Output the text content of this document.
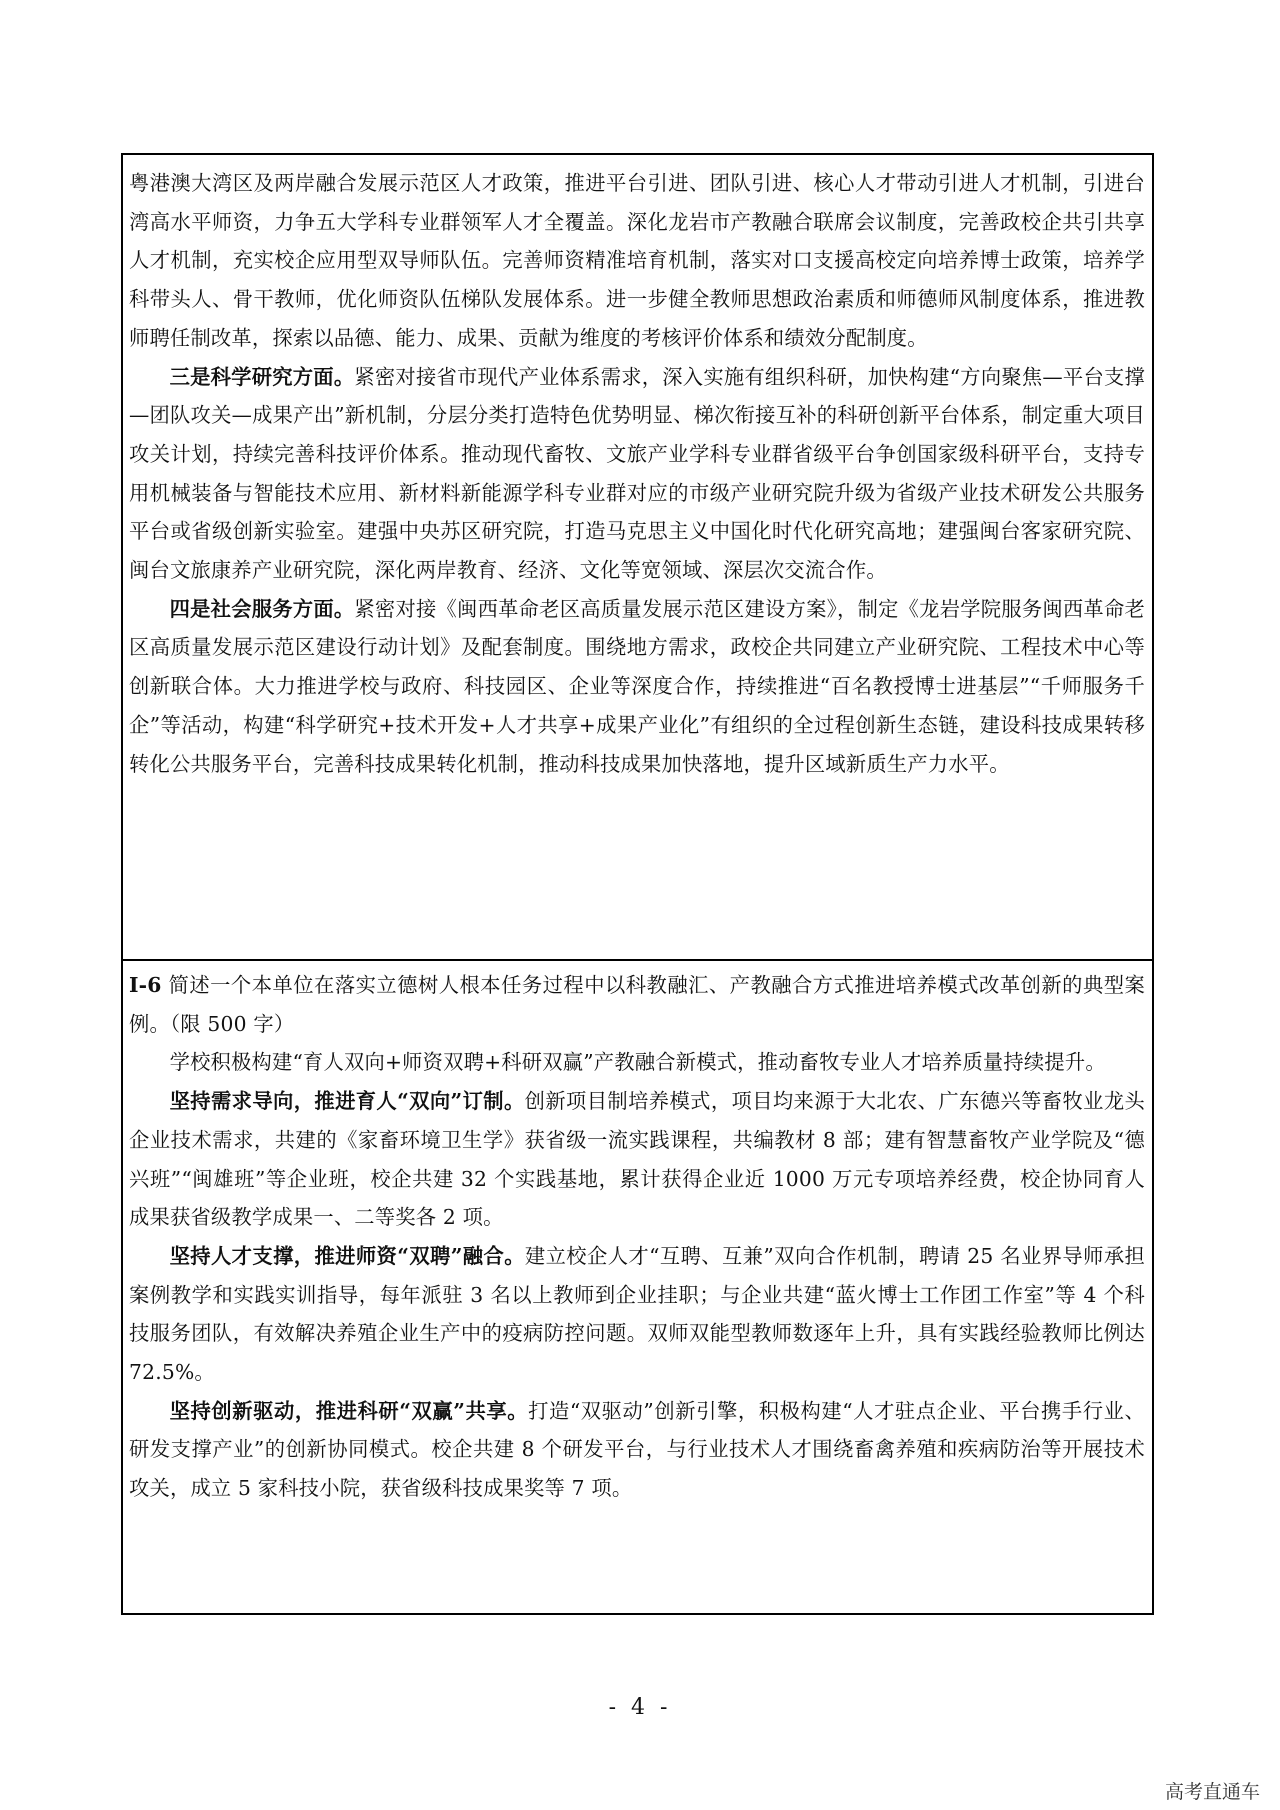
粤港澳大湾区及两岸融合发展示范区人才政策，推进平台引进、团队引进、核心人才带动引进人才机制，引进台湾高水平师资，力争五大学科专业群领军人才全覆盖。深化龙岩市产教融合联席会议制度，完善政校企共引共享人才机制，充实校企应用型双导师队伍。完善师资精准培育机制，落实对口支援高校定向培养博士政策，培养学科带头人、骨干教师，优化师资队伍梯队发展体系。进一步健全教师思想政治素质和师德师风制度体系，推进教师聘任制改革，探索以品德、能力、成果、贡献为维度的考核评价体系和绩效分配制度。

三是科学研究方面。紧密对接省市现代产业体系需求，深入实施有组织科研，加快构建“方向聚焦—平台支撑—团队攻关—成果产出”新机制，分层分类打造特色优势明显、梯次衔接互补的科研创新平台体系，制定重大项目攻关计划，持续完善科技评价体系。推动现代畜牧、文旅产业学科专业群省级平台争创国家级科研平台，支持专用机械装备与智能技术应用、新材料新能源学科专业群对应的市级产业研究院升级为省级产业技术研发公共服务平台或省级创新实验室。建强中央苏区研究院，打造马克思主义中国化时代化研究高地；建强闽台客家研究院、闽台文旅康养产业研究院，深化两岸教育、经济、文化等宽领域、深层次交流合作。

四是社会服务方面。紧密对接《闽西革命老区高质量发展示范区建设方案》，制定《龙岩学院服务闽西革命老区高质量发展示范区建设行动计划》及配套制度。围绕地方需求，政校企共同建立产业研究院、工程技术中心等创新联合体。大力推进学校与政府、科技园区、企业等深度合作，持续推进“百名教授博士进基层”“千师服务千企”等活动，构建“科学研究+技术开发+人才共享+成果产业化”有组织的全过程创新生态链，建设科技成果转移转化公共服务平台，完善科技成果转化机制，推动科技成果加快落地，提升区域新质生产力水平。

I-6 简述一个本单位在落实立德树人根本任务过程中以科教融汇、产教融合方式推进培养模式改革创新的典型案例。（限 500 字）

学校积极构建“育人双向+师资双聘+科研双赢”产教融合新模式，推动畜牧专业人才培养质量持续提升。

坚持需求导向，推进育人“双向”订制。创新项目制培养模式，项目均来源于大北农、广东德兴等畜牧业龙头企业技术需求，共建的《家畜环境卫生学》获省级一流实践课程，共编教材 8 部；建有智慧畜牧产业学院及“德兴班”“闽雄班”等企业班，校企共建 32 个实践基地，累计获得企业近 1000 万元专项培养经费，校企协同育人成果获省级教学成果一、二等奖各 2 项。

坚持人才支撑，推进师资“双聘”融合。建立校企人才“互聘、互兼”双向合作机制，聘请 25 名业界导师承担案例教学和实践实训指导，每年派驻 3 名以上教师到企业挂职；与企业共建“蓝火博士工作团工作室”等 4 个科技服务团队，有效解决养殖企业生产中的疫病防控问题。双师双能型教师数逐年上升，具有实践经验教师比例达 72.5%。

坚持创新驱动，推进科研“双赢”共享。打造“双驱动”创新引擎，积极构建“人才驻点企业、平台携手行业、研发支撑产业”的创新协同模式。校企共建 8 个研发平台，与行业技术人才围绕畜禽养殖和疾病防治等开展技术攻关，成立 5 家科技小院，获省级科技成果奖等 7 项。

- 4 -
高考直通车
